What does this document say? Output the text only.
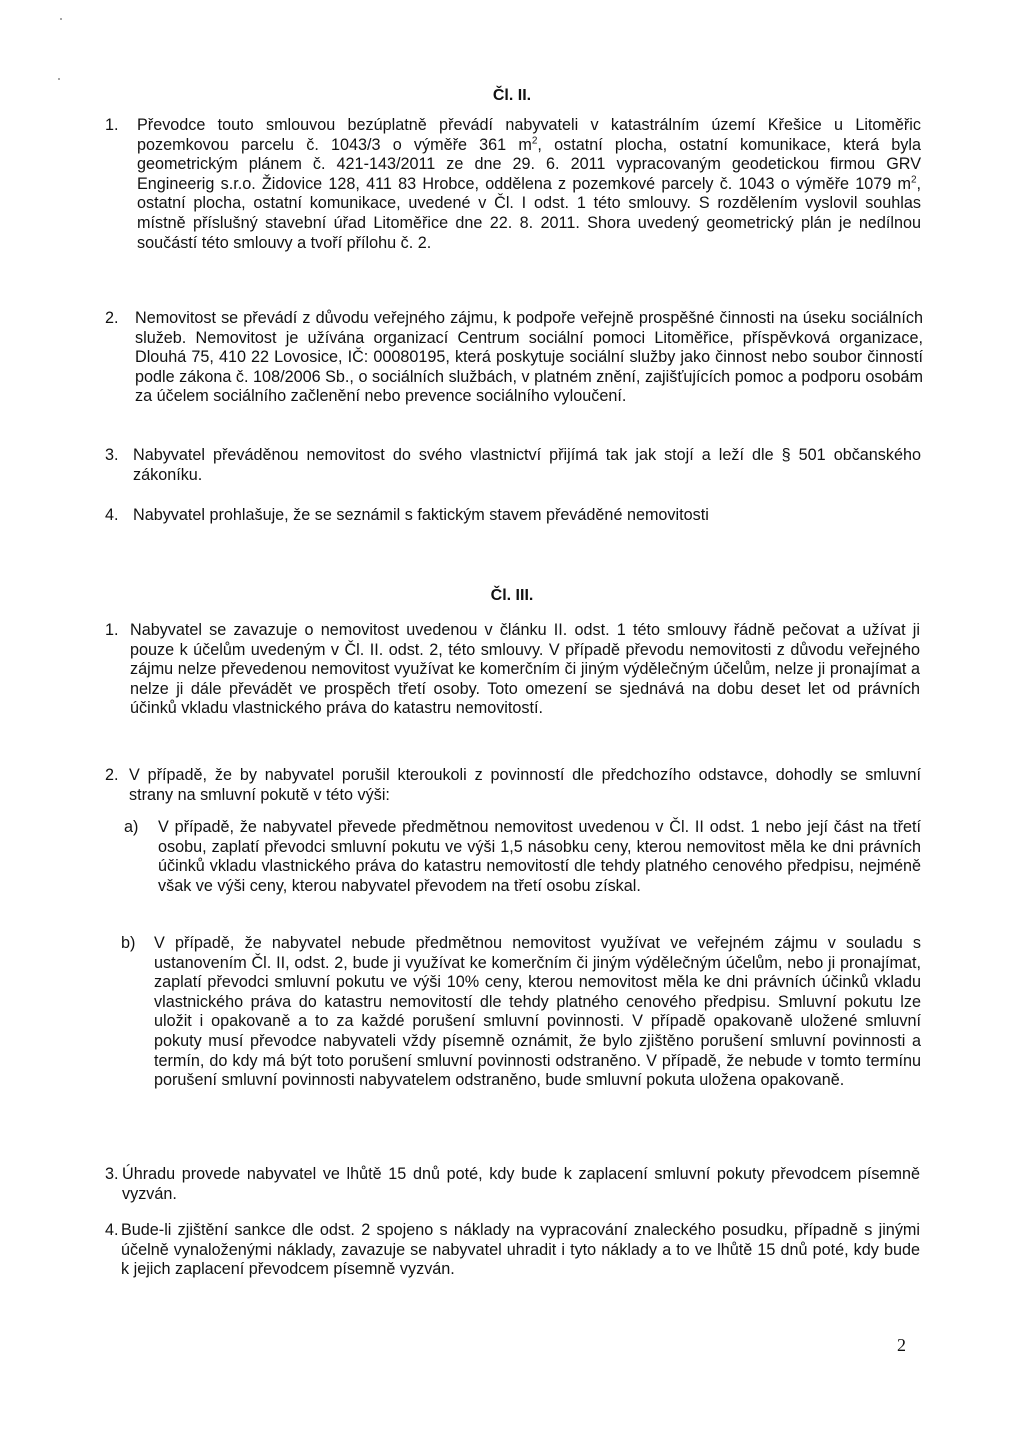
Čl. II.
1. Převodce touto smlouvou bezúplatně převádí nabyvateli v katastrálním území Křešice u Litoměřic pozemkovou parcelu č. 1043/3 o výměře 361 $m^2$, ostatní plocha, ostatní komunikace, která byla geometrickým plánem č. 421-143/2011 ze dne 29. 6. 2011 vypracovaným geodetickou firmou GRV Engineerig s.r.o. Židovice 128, 411 83 Hrobce, oddělena z pozemkové parcely č. 1043 o výměře 1079 $m^2$, ostatní plocha, ostatní komunikace, uvedené v Čl. I odst. 1 této smlouvy. S rozdělením vyslovil souhlas místně příslušný stavební úřad Litoměřice dne 22. 8. 2011. Shora uvedený geometrický plán je nedílnou součástí této smlouvy a tvoří přílohu č. 2.
2. Nemovitost se převádí z důvodu veřejného zájmu, k podpoře veřejně prospěšné činnosti na úseku sociálních služeb. Nemovitost je užívána organizací Centrum sociální pomoci Litoměřice, příspěvková organizace, Dlouhá 75, 410 22 Lovosice, IČ: 00080195, která poskytuje sociální služby jako činnost nebo soubor činností podle zákona č. 108/2006 Sb., o sociálních službách, v platném znění, zajišťujících pomoc a podporu osobám za účelem sociálního začlenění nebo prevence sociálního vyloučení.
3. Nabyvatel převáděnou nemovitost do svého vlastnictví přijímá tak jak stojí a leží dle § 501 občanského zákoníku.
4. Nabyvatel prohlašuje, že se seznámil s faktickým stavem převáděné nemovitosti
Čl. III.
1. Nabyvatel se zavazuje o nemovitost uvedenou v článku II. odst. 1 této smlouvy řádně pečovat a užívat ji pouze k účelům uvedeným v Čl. II. odst. 2, této smlouvy. V případě převodu nemovitosti z důvodu veřejného zájmu nelze převedenou nemovitost využívat ke komerčním či jiným výdělečným účelům, nelze ji pronajímat a nelze ji dále převádět ve prospěch třetí osoby. Toto omezení se sjednává na dobu deset let od právních účinků vkladu vlastnického práva do katastru nemovitostí.
2. V případě, že by nabyvatel porušil kteroukoli z povinností dle předchozího odstavce, dohodly se smluvní strany na smluvní pokutě v této výši:
a) V případě, že nabyvatel převede předmětnou nemovitost uvedenou v Čl. II odst. 1 nebo její část na třetí osobu, zaplatí převodci smluvní pokutu ve výši 1,5 násobku ceny, kterou nemovitost měla ke dni právních účinků vkladu vlastnického práva do katastru nemovitostí dle tehdy platného cenového předpisu, nejméně však ve výši ceny, kterou nabyvatel převodem na třetí osobu získal.
b) V případě, že nabyvatel nebude předmětnou nemovitost využívat ve veřejném zájmu v souladu s ustanovením Čl. II, odst. 2, bude ji využívat ke komerčním či jiným výdělečným účelům, nebo ji pronajímat, zaplatí převodci smluvní pokutu ve výši 10% ceny, kterou nemovitost měla ke dni právních účinků vkladu vlastnického práva do katastru nemovitostí dle tehdy platného cenového předpisu. Smluvní pokutu lze uložit i opakovaně a to za každé porušení smluvní povinnosti. V případě opakovaně uložené smluvní pokuty musí převodce nabyvateli vždy písemně oznámit, že bylo zjištěno porušení smluvní povinnosti a termín, do kdy má být toto porušení smluvní povinnosti odstraněno. V případě, že nebude v tomto termínu porušení smluvní povinnosti nabyvatelem odstraněno, bude smluvní pokuta uložena opakovaně.
3. Úhradu provede nabyvatel ve lhůtě 15 dnů poté, kdy bude k zaplacení smluvní pokuty převodcem písemně vyzván.
4. Bude-li zjištění sankce dle odst. 2 spojeno s náklady na vypracování znaleckého posudku, případně s jinými účelně vynaloženými náklady, zavazuje se nabyvatel uhradit i tyto náklady a to ve lhůtě 15 dnů poté, kdy bude k jejich zaplacení převodcem písemně vyzván.
2
